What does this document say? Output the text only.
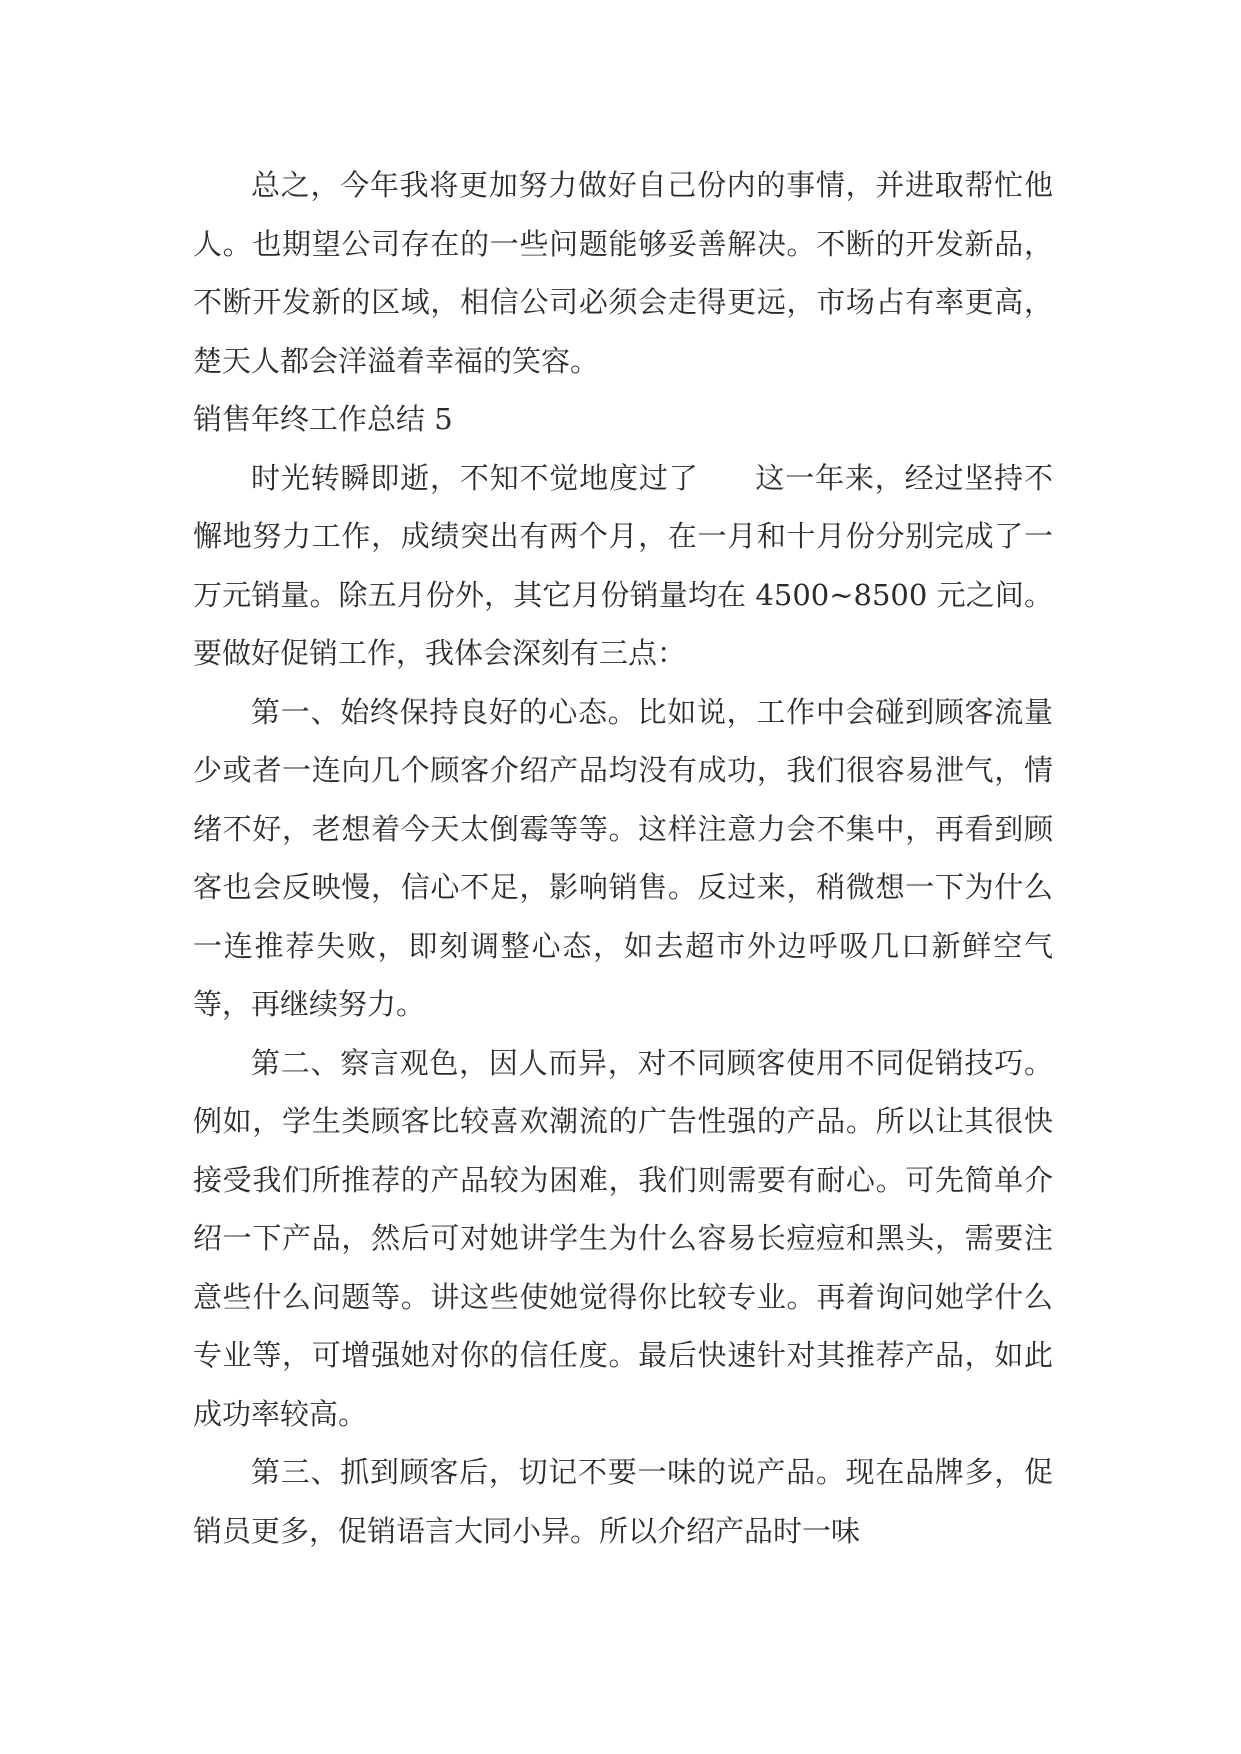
总之，今年我将更加努力做好自己份内的事情，并进取帮忙他人。也期望公司存在的一些问题能够妥善解决。不断的开发新品，不断开发新的区域，相信公司必须会走得更远，市场占有率更高，楚天人都会洋溢着幸福的笑容。

销售年终工作总结 5

时光转瞬即逝，不知不觉地度过了 这一年来，经过坚持不懈地努力工作，成绩突出有两个月，在一月和十月份分别完成了一万元销量。除五月份外，其它月份销量均在 4500~8500 元之间。要做好促销工作，我体会深刻有三点：

第一、始终保持良好的心态。比如说，工作中会碰到顾客流量少或者一连向几个顾客介绍产品均没有成功，我们很容易泄气，情绪不好，老想着今天太倒霉等等。这样注意力会不集中，再看到顾客也会反映慢，信心不足，影响销售。反过来，稍微想一下为什么一连推荐失败，即刻调整心态，如去超市外边呼吸几口新鲜空气等，再继续努力。

第二、察言观色，因人而异，对不同顾客使用不同促销技巧。例如，学生类顾客比较喜欢潮流的广告性强的产品。所以让其很快接受我们所推荐的产品较为困难，我们则需要有耐心。可先简单介绍一下产品，然后可对她讲学生为什么容易长痘痘和黑头，需要注意些什么问题等。讲这些使她觉得你比较专业。再着询问她学什么专业等，可增强她对你的信任度。最后快速针对其推荐产品，如此成功率较高。

第三、抓到顾客后，切记不要一味的说产品。现在品牌多，促销员更多，促销语言大同小异。所以介绍产品时一味
